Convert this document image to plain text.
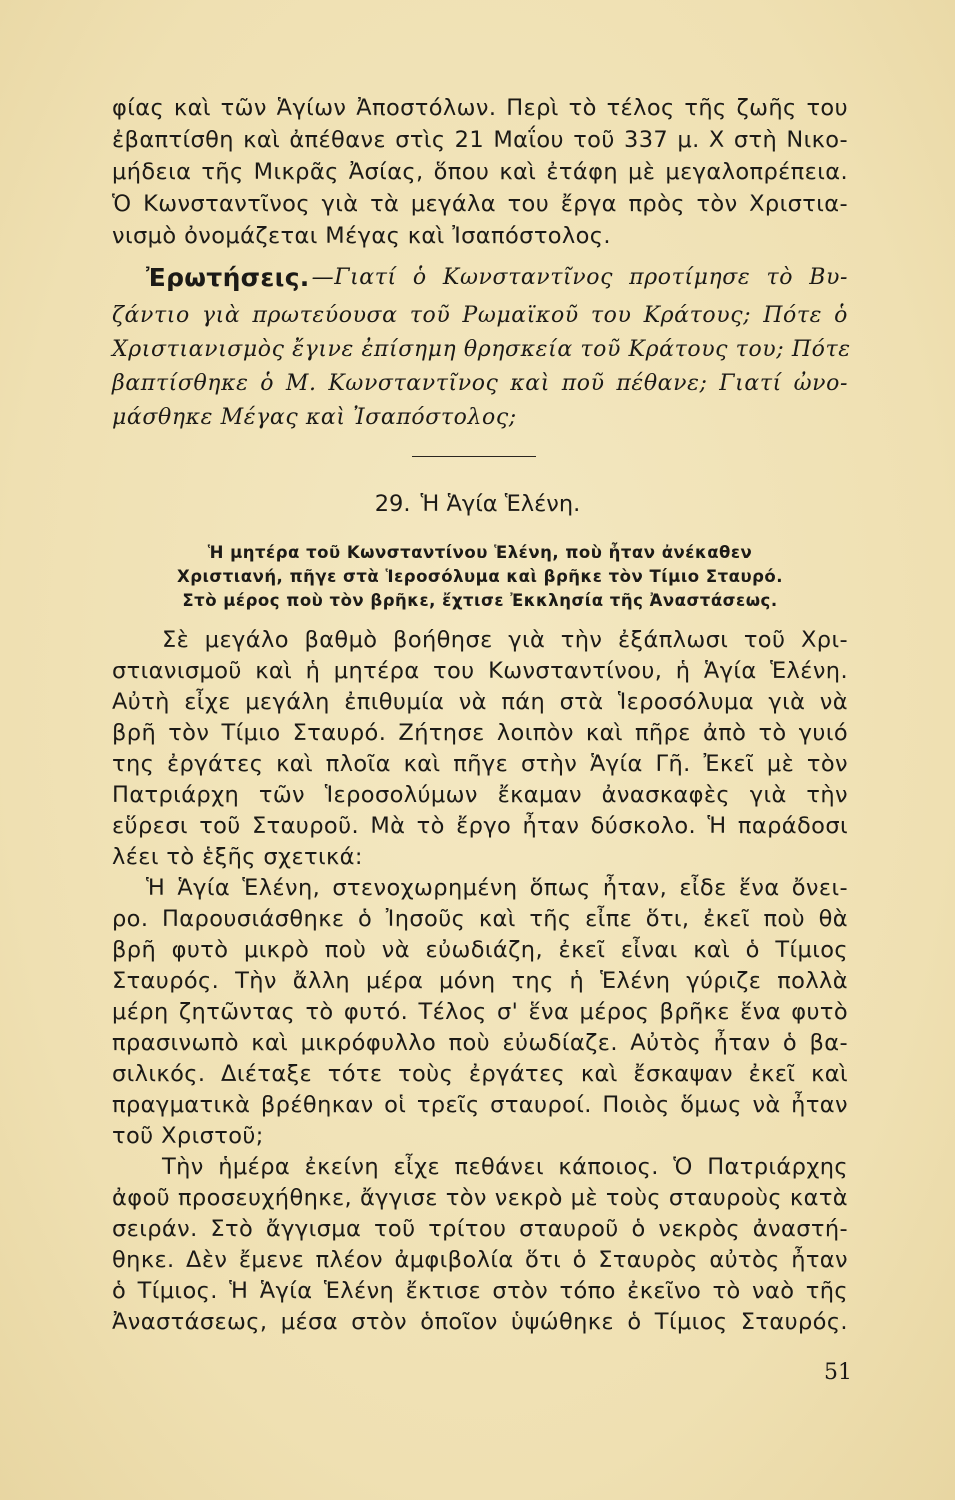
φίας καὶ τῶν Ἁγίων Ἀποστόλων. Περὶ τὸ τέλος τῆς ζωῆς του
ἐβαπτίσθη καὶ ἀπέθανε στὶς 21 Μαΐου τοῦ 337 μ. Χ στὴ Νικο-
μήδεια τῆς Μικρᾶς Ἀσίας, ὅπου καὶ ἐτάφη μὲ μεγαλοπρέπεια.
Ὁ Κωνσταντῖνος γιὰ τὰ μεγάλα του ἔργα πρὸς τὸν Χριστια-
νισμὸ ὀνομάζεται Μέγας καὶ Ἰσαπόστολος.
Ἐρωτήσεις. —Γιατί ὁ Κωνσταντῖνος προτίμησε τὸ Βυ-
ζάντιο γιὰ πρωτεύουσα τοῦ Ρωμαϊκοῦ του Κράτους; Πότε ὁ
Χριστιανισμὸς ἔγινε ἐπίσημη θρησκεία τοῦ Κράτους του; Πότε
βαπτίσθηκε ὁ Μ. Κωνσταντῖνος καὶ ποῦ πέθανε; Γιατί ὠνο-
μάσθηκε Μέγας καὶ Ἰσαπόστολος;
29. Ἡ Ἁγία Ἑλένη.
Ἡ μητέρα τοῦ Κωνσταντίνου Ἑλένη, ποὺ ἦταν ἀνέκαθεν
Χριστιανή, πῆγε στὰ Ἱεροσόλυμα καὶ βρῆκε τὸν Τίμιο Σταυρό.
Στὸ μέρος ποὺ τὸν βρῆκε, ἔχτισε Ἐκκλησία τῆς Ἀναστάσεως.
Σὲ μεγάλο βαθμὸ βοήθησε γιὰ τὴν ἐξάπλωσι τοῦ Χρι-
στιανισμοῦ καὶ ἡ μητέρα του Κωνσταντίνου, ἡ Ἁγία Ἑλένη.
Αὐτὴ εἶχε μεγάλη ἐπιθυμία νὰ πάη στὰ Ἱεροσόλυμα γιὰ νὰ
βρῆ τὸν Τίμιο Σταυρό. Ζήτησε λοιπὸν καὶ πῆρε ἀπὸ τὸ γυιό
της ἐργάτες καὶ πλοῖα καὶ πῆγε στὴν Ἁγία Γῆ. Ἐκεῖ μὲ τὸν
Πατριάρχη τῶν Ἱεροσολύμων ἔκαμαν ἀνασκαφὲς γιὰ τὴν
εὕρεσι τοῦ Σταυροῦ. Μὰ τὸ ἔργο ἦταν δύσκολο. Ἡ παράδοσι
λέει τὸ ἑξῆς σχετικά:
Ἡ Ἁγία Ἑλένη, στενοχωρημένη ὅπως ἦταν, εἶδε ἕνα ὄνει-
ρο. Παρουσιάσθηκε ὁ Ἰησοῦς καὶ τῆς εἶπε ὅτι, ἐκεῖ ποὺ θὰ
βρῆ φυτὸ μικρὸ ποὺ νὰ εὐωδιάζη, ἐκεῖ εἶναι καὶ ὁ Τίμιος
Σταυρός. Τὴν ἄλλη μέρα μόνη της ἡ Ἑλένη γύριζε πολλὰ
μέρη ζητῶντας τὸ φυτό. Τέλος σ' ἕνα μέρος βρῆκε ἕνα φυτὸ
πρασινωπὸ καὶ μικρόφυλλο ποὺ εὐωδίαζε. Αὐτὸς ἦταν ὁ βα-
σιλικός. Διέταξε τότε τοὺς ἐργάτες καὶ ἔσκαψαν ἐκεῖ καὶ
πραγματικὰ βρέθηκαν οἱ τρεῖς σταυροί. Ποιὸς ὅμως νὰ ἦταν
τοῦ Χριστοῦ;
Τὴν ἡμέρα ἐκείνη εἶχε πεθάνει κάποιος. Ὁ Πατριάρχης
ἀφοῦ προσευχήθηκε, ἄγγισε τὸν νεκρὸ μὲ τοὺς σταυροὺς κατὰ
σειράν. Στὸ ἄγγισμα τοῦ τρίτου σταυροῦ ὁ νεκρὸς ἀναστή-
θηκε. Δὲν ἔμενε πλέον ἀμφιβολία ὅτι ὁ Σταυρὸς αὐτὸς ἦταν
ὁ Τίμιος. Ἡ Ἁγία Ἑλένη ἔκτισε στὸν τόπο ἐκεῖνο τὸ ναὸ τῆς
Ἀναστάσεως, μέσα στὸν ὁποῖον ὑψώθηκε ὁ Τίμιος Σταυρός.
51
